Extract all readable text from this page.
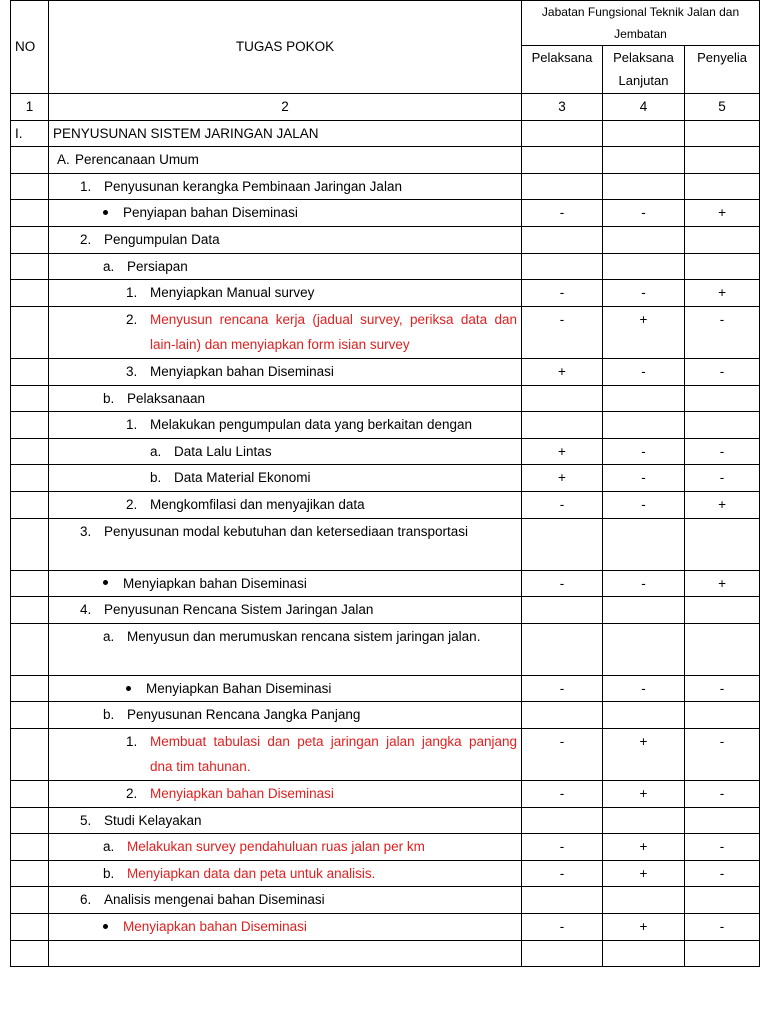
NO	TUGAS POKOK	Jabatan Fungsional Teknik Jalan dan Jembatan		
		Pelaksana	Pelaksana Lanjutan	Penyelia
1	2	3	4	5
I.	PENYUSUNAN SISTEM JARINGAN JALAN			

	A. Perencanaan Umum			

	1. Penyusunan kerangka Pembinaan Jaringan Jalan			

	Penyiapan bahan Diseminasi	-	-	+

	2. Pengumpulan Data			

	a. Persiapan			

	1. Menyiapkan Manual survey	-	-	+

	2. Menyusun rencana kerja (jadual survey, periksa data dan lain-lain) dan menyiapkan form isian survey	-	+	-

	3. Menyiapkan bahan Diseminasi	+	-	-

	b. Pelaksanaan			

	1. Melakukan pengumpulan data yang berkaitan dengan			

	a. Data Lalu Lintas	+	-	-

	b. Data Material Ekonomi	+	-	-

	2. Mengkomfilasi dan menyajikan data	-	-	+

	3. Penyusunan modal kebutuhan dan ketersediaan transportasi			

	Menyiapkan bahan Diseminasi	-	-	+

	4. Penyusunan Rencana Sistem Jaringan Jalan			

	a. Menyusun dan merumuskan rencana sistem jaringan jalan.			

	Menyiapkan Bahan Diseminasi	-	-	-

	b. Penyusunan Rencana Jangka Panjang			

	1. Membuat tabulasi dan peta jaringan jalan jangka panjang dna tim tahunan.	-	+	-

	2. Menyiapkan bahan Diseminasi	-	+	-

	5. Studi Kelayakan			

	a. Melakukan survey pendahuluan ruas jalan per km	-	+	-

	b. Menyiapkan data dan peta untuk analisis.	-	+	-

	6. Analisis mengenai bahan Diseminasi			

	Menyiapkan bahan Diseminasi	-	+	-
